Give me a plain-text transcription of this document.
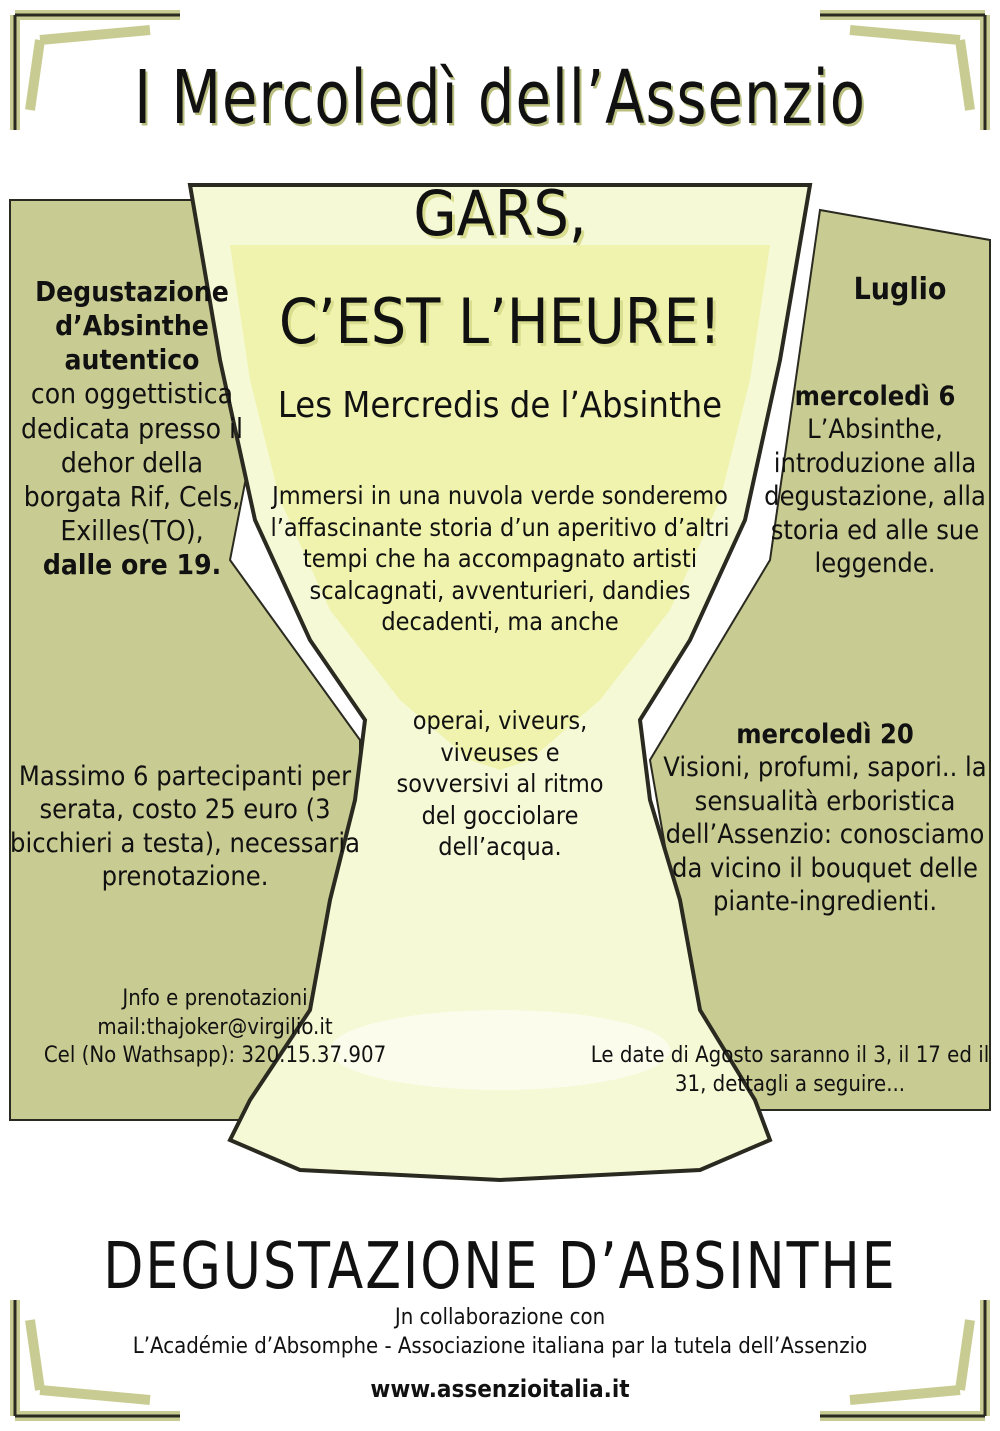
I Mercoledì dell’Assenzio
GARS,
C’EST L’HEURE!
Les Mercredis de l’Absinthe
Jmmersi in una nuvola verde sonderemo l’affascinante storia d’un aperitivo d’altri tempi che ha accompagnato artisti scalcagnati, avventurieri, dandies decadenti, ma anche
operai, viveurs, viveuses e sovversivi al ritmo del gocciolare dell’acqua.
Degustazione d’Absinthe autentico
con oggettistica dedicata presso il dehor della borgata Rif, Cels, Exilles(TO),
dalle ore 19.
Massimo 6 partecipanti per serata, costo 25 euro (3 bicchieri a testa), necessaria prenotazione.
Jnfo e prenotazioni
mail:thajoker@virgilio.it
Cel (No Wathsapp): 320.15.37.907
Luglio
mercoledì 6
L’Absinthe, introduzione alla degustazione, alla storia ed alle sue leggende.
mercoledì 20
Visioni, profumi, sapori.. la sensualità erboristica dell’Assenzio: conosciamo da vicino il bouquet delle piante-ingredienti.
Le date di Agosto saranno il 3, il 17 ed il 31, dettagli a seguire...
DEGUSTAZIONE D’ABSINTHE
Jn collaborazione con
L’Académie d’Absomphe - Associazione italiana par la tutela dell’Assenzio
www.assenzioitalia.it
